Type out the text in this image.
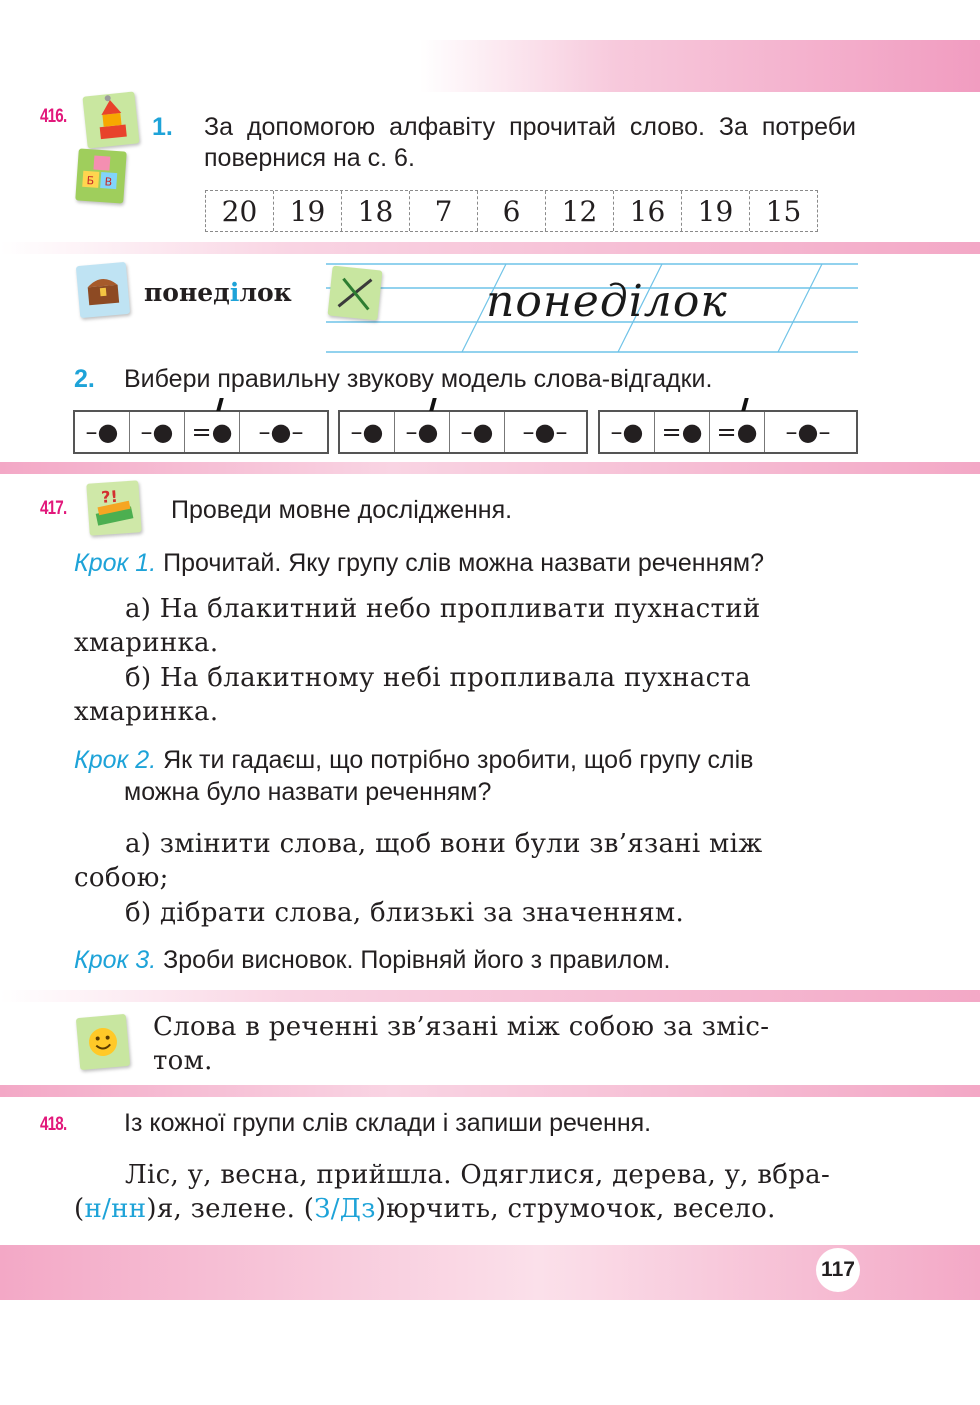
416.
Б В
1. За допомогою алфавіту прочитай слово. За потреби повернися на с. 6.
20	19	18	7	6	12	16	19	15
понеділок	понеділок
2. Вибери правильну звукову модель слова-відгадки.
–● –● =●	–●–	–● –● –●	–●–	–● =● =●	–●–
417.
?! Проведи мовне дослідження.
Крок 1. Прочитай. Яку групу слів можна назвати реченням?
а) На блакитний небо пропливати пухнастий
хмаринка.
б) На блакитному небі пропливала пухнаста
хмаринка.
Крок 2. Як ти гадаєш, що потрібно зробити, щоб групу слів
можна було назвати реченням?
а) змінити слова, щоб вони були зв’язані між
собою;
б) дібрати слова, близькі за значенням.
Крок 3. Зроби висновок. Порівняй його з правилом.
Слова в реченні зв’язані між собою за зміс-
том.
418. Із кожної групи слів склади і запиши речення.
Ліс, у, весна, прийшла. Одяглися, дерева, у, вбра-
(н/нн)я, зелене. (З/Дз)юрчить, струмочок, весело.
117
